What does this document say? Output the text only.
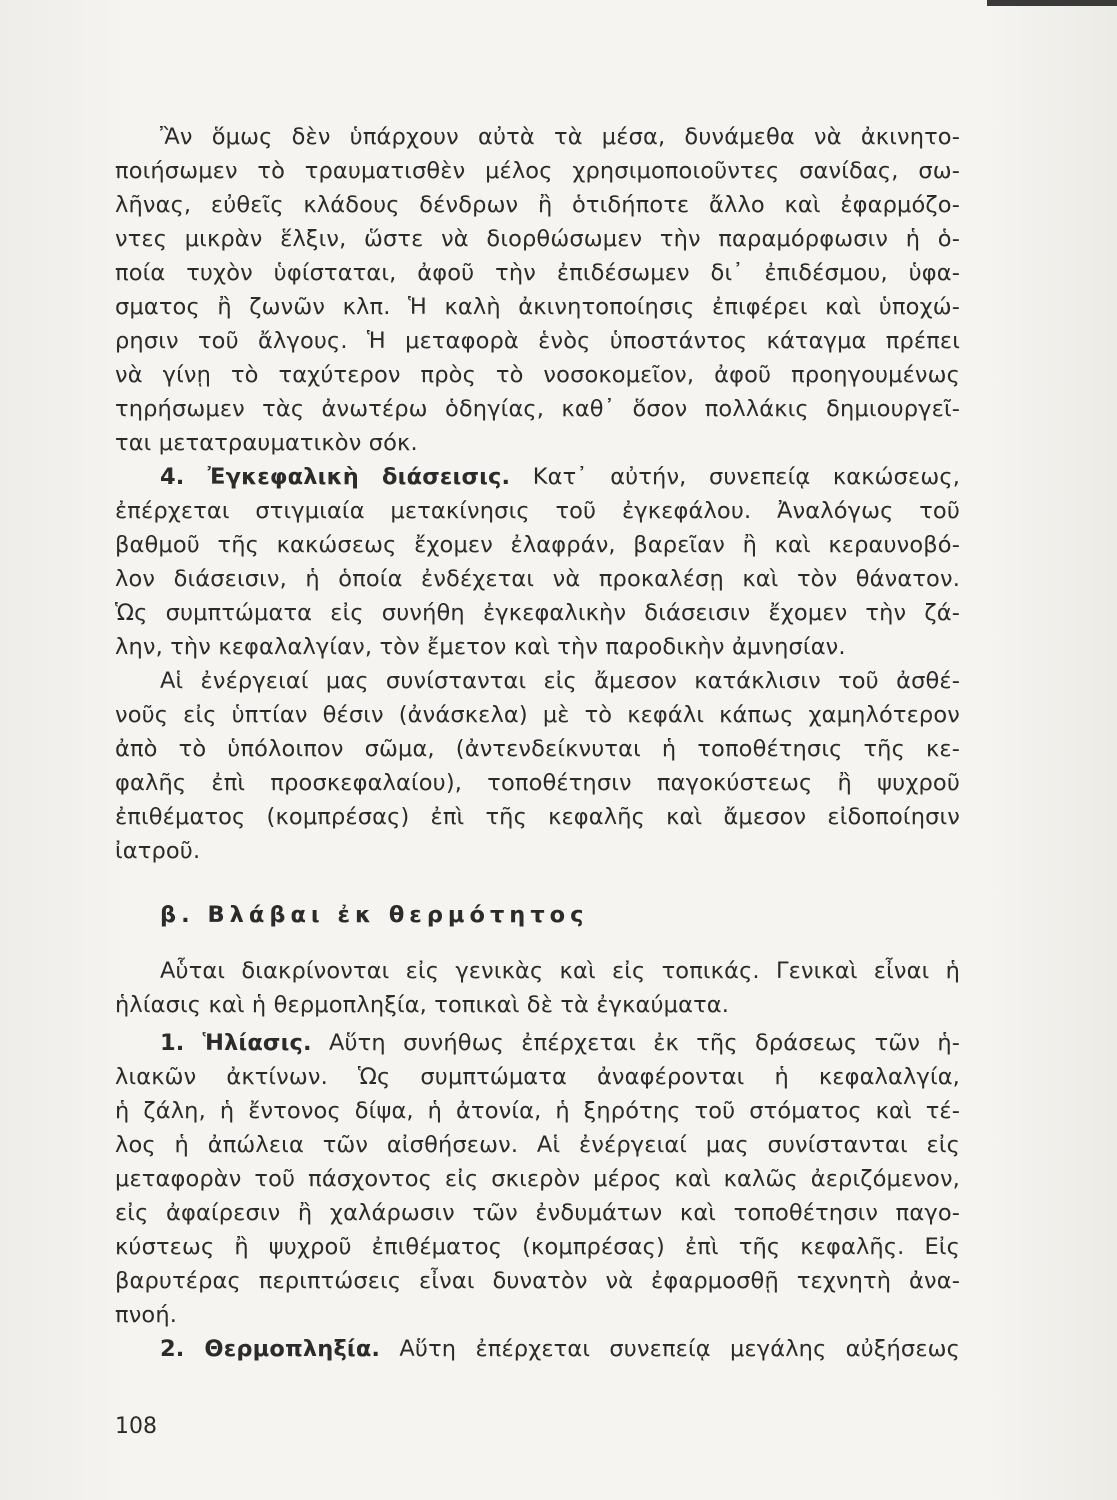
Ἂν ὅμως δὲν ὑπάρχουν αὐτὰ τὰ μέσα, δυνάμεθα νὰ ἀκινητο-
ποιήσωμεν τὸ τραυματισθὲν μέλος χρησιμοποιοῦντες σανίδας, σω-
λῆνας, εὐθεῖς κλάδους δένδρων ἢ ὁτιδήποτε ἄλλο καὶ ἐφαρμόζο-
ντες μικρὰν ἕλξιν, ὥστε νὰ διορθώσωμεν τὴν παραμόρφωσιν ἡ ὁ-
ποία τυχὸν ὑφίσταται, ἀφοῦ τὴν ἐπιδέσωμεν δι᾿ ἐπιδέσμου, ὑφα-
σματος ἢ ζωνῶν κλπ. Ἡ καλὴ ἀκινητοποίησις ἐπιφέρει καὶ ὑποχώ-
ρησιν τοῦ ἄλγους. Ἡ μεταφορὰ ἑνὸς ὑποστάντος κάταγμα πρέπει
νὰ γίνῃ τὸ ταχύτερον πρὸς τὸ νοσοκομεῖον, ἀφοῦ προηγουμένως
τηρήσωμεν τὰς ἀνωτέρω ὁδηγίας, καθ᾿ ὅσον πολλάκις δημιουργεῖ-
ται μετατραυματικὸν σόκ.
4. Ἐγκεφαλικὴ διάσεισις. Κατ᾿ αὐτήν, συνεπείᾳ κακώσεως,
ἐπέρχεται στιγμιαία μετακίνησις τοῦ ἐγκεφάλου. Ἀναλόγως τοῦ
βαθμοῦ τῆς κακώσεως ἔχομεν ἐλαφράν, βαρεῖαν ἢ καὶ κεραυνοβό-
λον διάσεισιν, ἡ ὁποία ἐνδέχεται νὰ προκαλέσῃ καὶ τὸν θάνατον.
Ὡς συμπτώματα εἰς συνήθη ἐγκεφαλικὴν διάσεισιν ἔχομεν τὴν ζά-
λην, τὴν κεφαλαλγίαν, τὸν ἔμετον καὶ τὴν παροδικὴν ἀμνησίαν.
Αἱ ἐνέργειαί μας συνίστανται εἰς ἄμεσον κατάκλισιν τοῦ ἀσθέ-
νοῦς εἰς ὑπτίαν θέσιν (ἀνάσκελα) μὲ τὸ κεφάλι κάπως χαμηλότερον
ἀπὸ τὸ ὑπόλοιπον σῶμα, (ἀντενδείκνυται ἡ τοποθέτησις τῆς κε-
φαλῆς ἐπὶ προσκεφαλαίου), τοποθέτησιν παγοκύστεως ἢ ψυχροῦ
ἐπιθέματος (κομπρέσας) ἐπὶ τῆς κεφαλῆς καὶ ἄμεσον εἰδοποίησιν
ἰατροῦ.
β. Βλάβαι ἐκ θερμότητος
Αὗται διακρίνονται εἰς γενικὰς καὶ εἰς τοπικάς. Γενικαὶ εἶναι ἡ
ἡλίασις καὶ ἡ θερμοπληξία, τοπικαὶ δὲ τὰ ἐγκαύματα.
1. Ἡλίασις. Αὕτη συνήθως ἐπέρχεται ἐκ τῆς δράσεως τῶν ἡ-
λιακῶν ἀκτίνων. Ὡς συμπτώματα ἀναφέρονται ἡ κεφαλαλγία,
ἡ ζάλη, ἡ ἔντονος δίψα, ἡ ἀτονία, ἡ ξηρότης τοῦ στόματος καὶ τέ-
λος ἡ ἀπώλεια τῶν αἰσθήσεων. Αἱ ἐνέργειαί μας συνίστανται εἰς
μεταφορὰν τοῦ πάσχοντος εἰς σκιερὸν μέρος καὶ καλῶς ἀεριζόμενον,
εἰς ἀφαίρεσιν ἢ χαλάρωσιν τῶν ἐνδυμάτων καὶ τοποθέτησιν παγο-
κύστεως ἢ ψυχροῦ ἐπιθέματος (κομπρέσας) ἐπὶ τῆς κεφαλῆς. Εἰς
βαρυτέρας περιπτώσεις εἶναι δυνατὸν νὰ ἐφαρμοσθῇ τεχνητὴ ἀνα-
πνοή.
2. Θερμοπληξία. Αὕτη ἐπέρχεται συνεπείᾳ μεγάλης αὐξήσεως
108
